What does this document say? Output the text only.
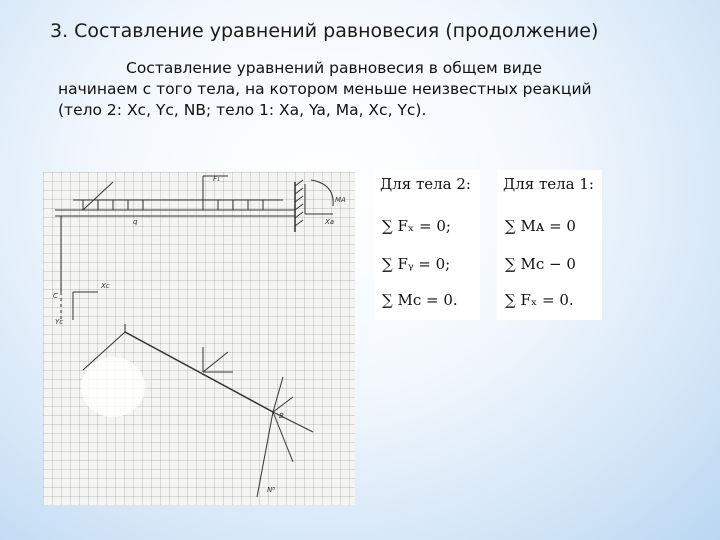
3. Составление уравнений равновесия (продолжение)
Составление уравнений равновесия в общем виде
начинаем с того тела, на котором меньше неизвестных реакций
(тело 2: Хс, Yc, NB; тело 1: Xa, Ya, Ma, Xc, Yc).
F₁
MA
Xa
Xc
Yc
C
Nᴮ
B
q
Для тела 2:
∑ Fₓ = 0;
∑ Fᵧ = 0;
∑ Mᴄ = 0.
Для тела 1:
∑ Mᴀ = 0
∑ Mᴄ − 0
∑ Fₓ = 0.
